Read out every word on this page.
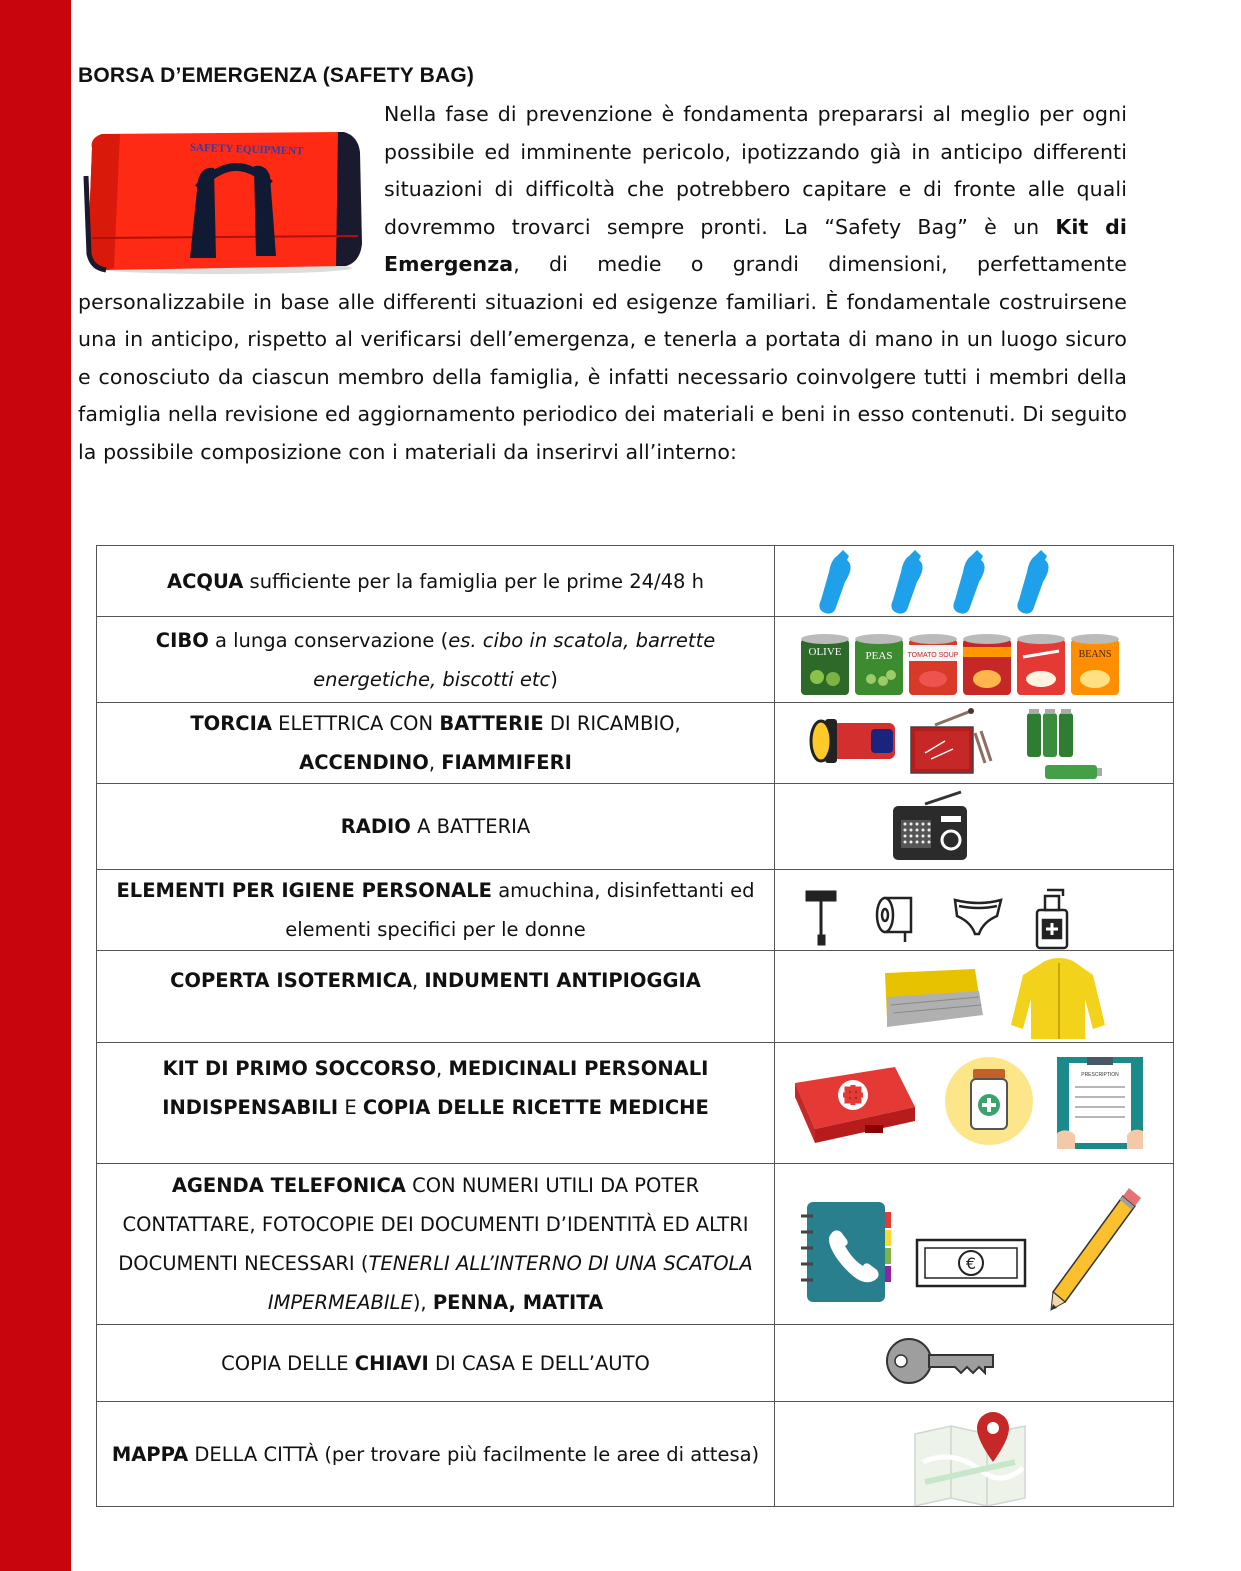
BORSA D’EMERGENZA (SAFETY BAG)
Nella fase di prevenzione è fondamenta prepararsi al meglio per ogni possibile ed imminente pericolo, ipotizzando già in anticipo differenti situazioni di difficoltà che potrebbero capitare e di fronte alle quali dovremmo trovarci sempre pronti. La “Safety Bag” è un Kit di Emergenza, di medie o grandi dimensioni, perfettamente personalizzabile in base alle differenti situazioni ed esigenze familiari. È fondamentale costruirsene una in anticipo, rispetto al verificarsi dell’emergenza, e tenerla a portata di mano in un luogo sicuro e conosciuto da ciascun membro della famiglia, è infatti necessario coinvolgere tutti i membri della famiglia nella revisione ed aggiornamento periodico dei materiali e beni in esso contenuti. Di seguito la possibile composizione con i materiali da inserirvi all’interno:
SAFETY EQUIPMENT
ACQUA sufficiente per la famiglia per le prime 24/48 h

CIBO a lunga conservazione (es. cibo in scatola, barrette energetiche, biscotti etc)	OLIVE PEAS TOMATO SOUP BEANS

TORCIA ELETTRICA CON BATTERIE DI RICAMBIO,
ACCENDINO, FIAMMIFERI

RADIO A BATTERIA

ELEMENTI PER IGIENE PERSONALE amuchina, disinfettanti ed elementi specifici per le donne

COPERTA ISOTERMICA, INDUMENTI ANTIPIOGGIA

KIT DI PRIMO SOCCORSO, MEDICINALI PERSONALI INDISPENSABILI E COPIA DELLE RICETTE MEDICHE	PRESCRIPTION

AGENDA TELEFONICA CON NUMERI UTILI DA POTER CONTATTARE, FOTOCOPIE DEI DOCUMENTI D’IDENTITÀ ED ALTRI DOCUMENTI NECESSARI (TENERLI ALL’INTERNO DI UNA SCATOLA IMPERMEABILE), PENNA, MATITA	€

COPIA DELLE CHIAVI DI CASA E DELL’AUTO

MAPPA DELLA CITTÀ (per trovare più facilmente le aree di attesa)
